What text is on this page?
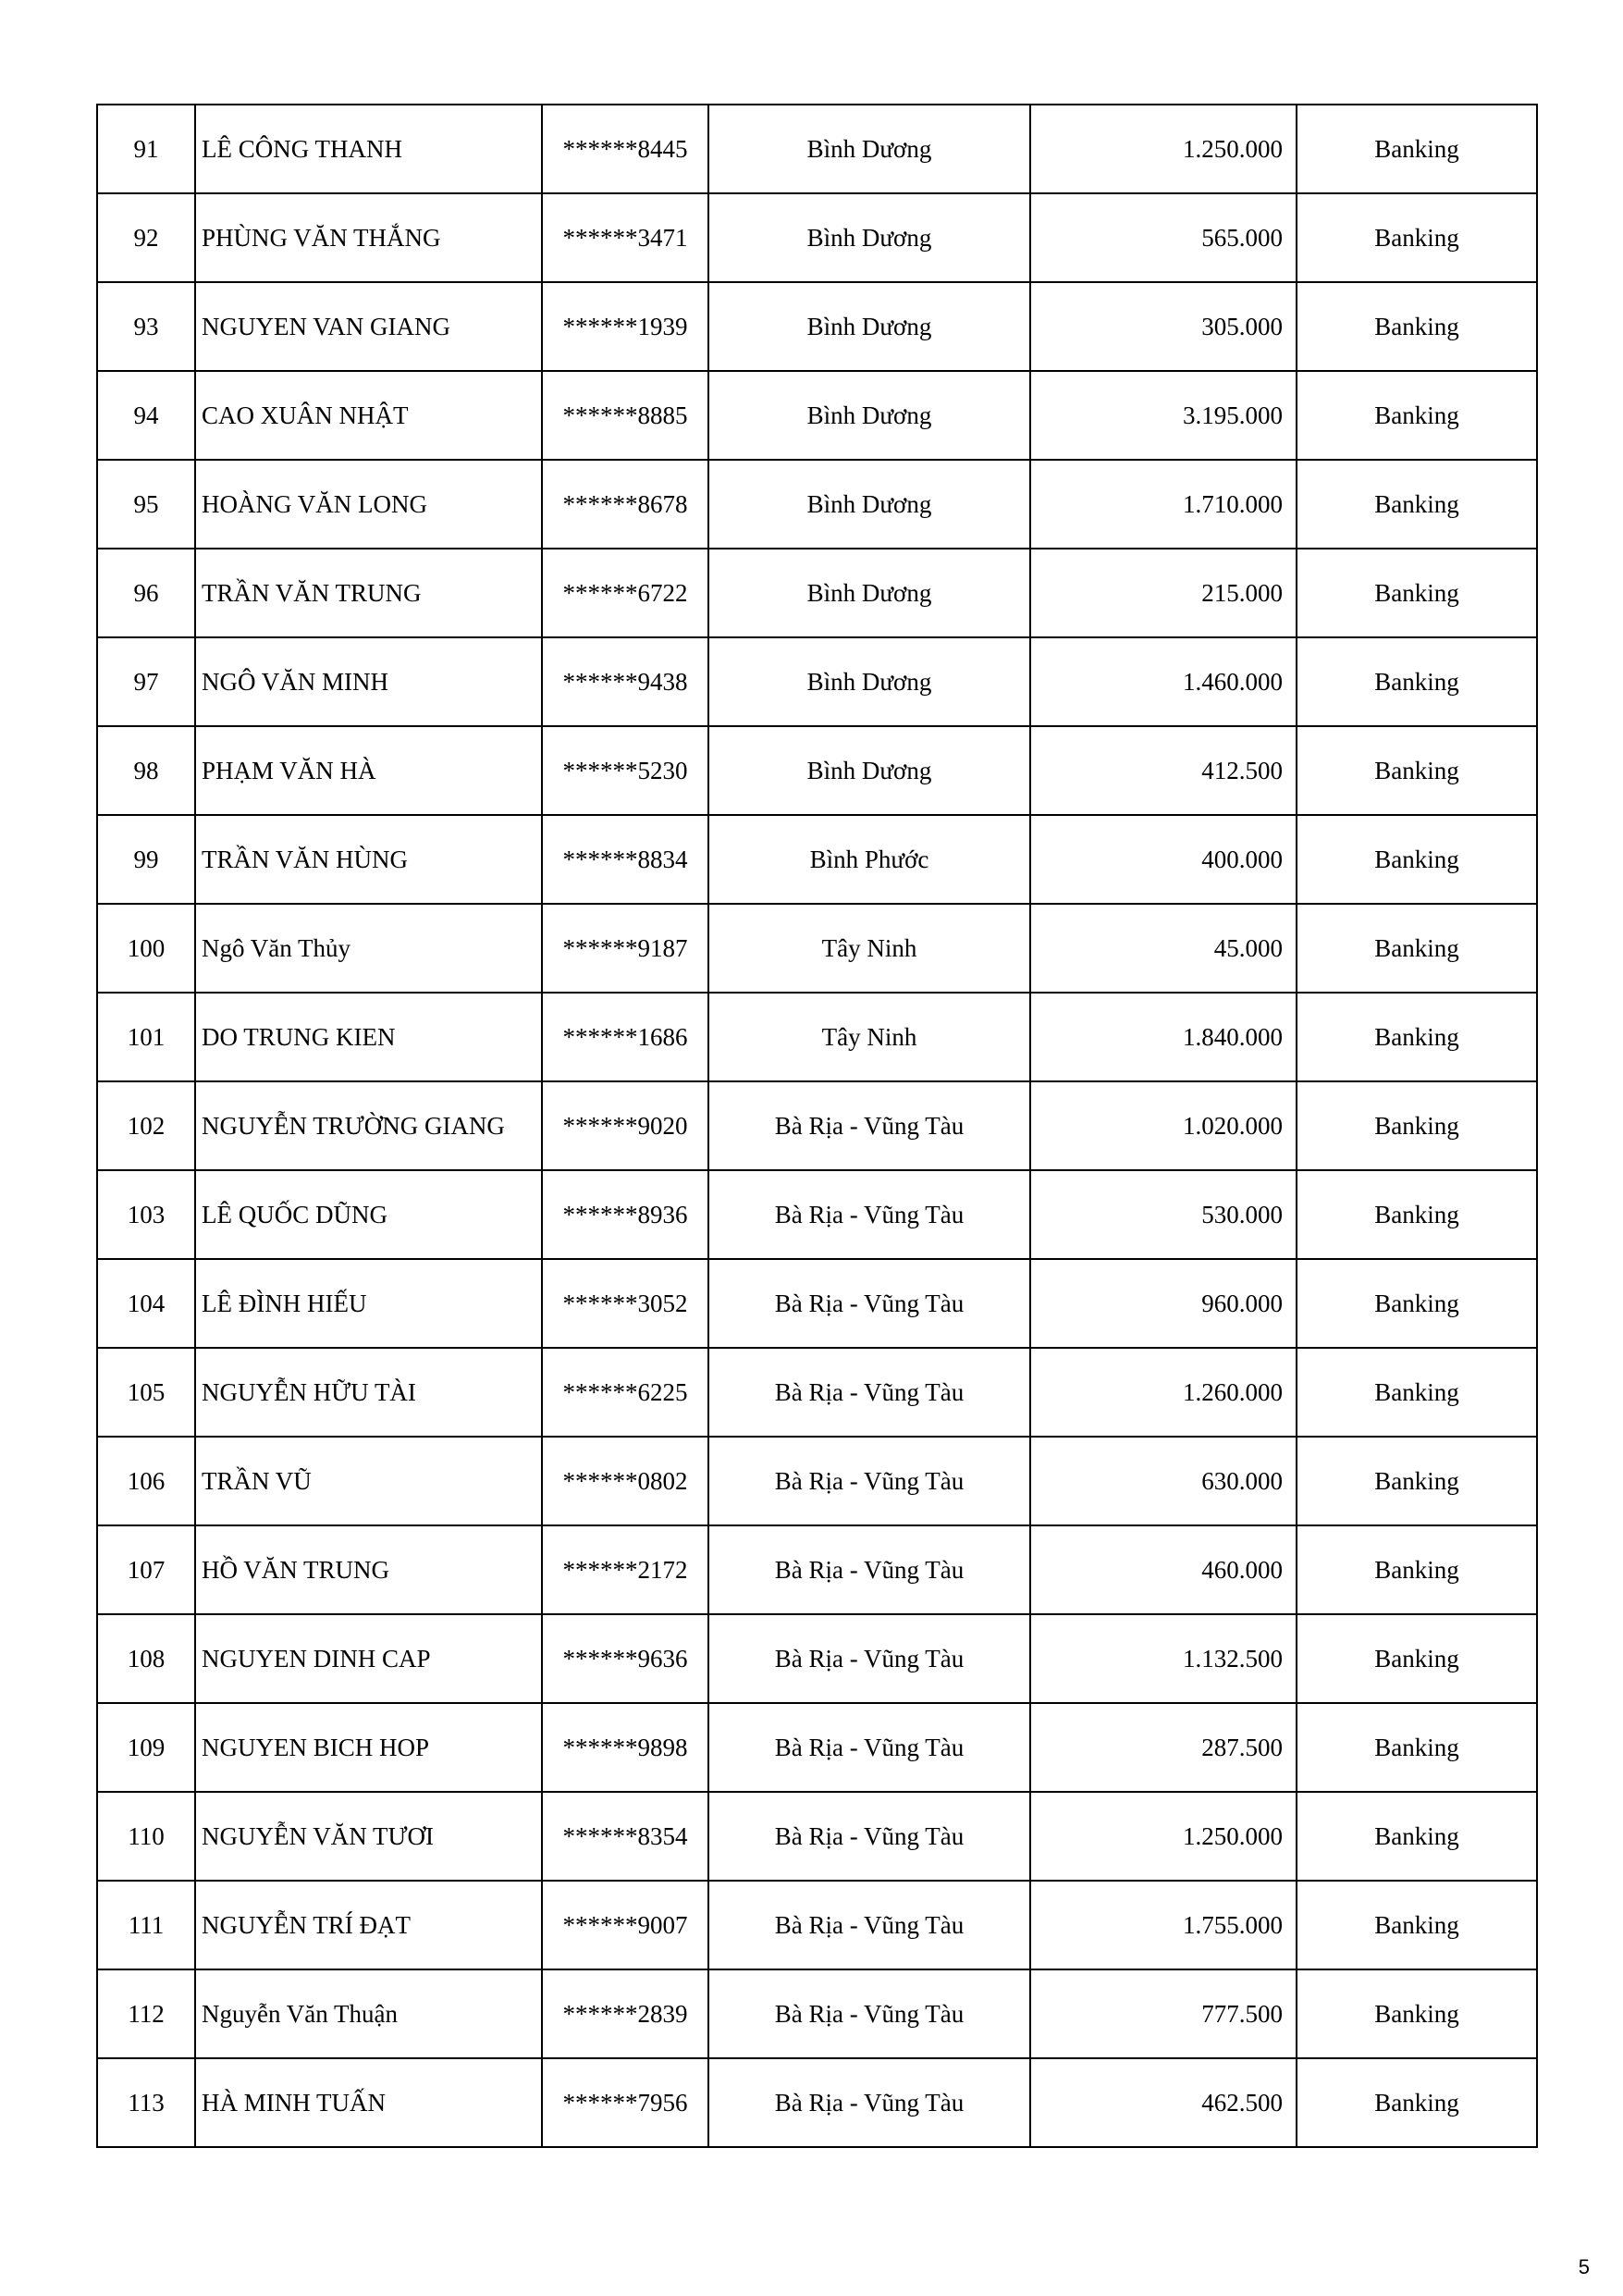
91	LÊ CÔNG THANH	******8445	Bình Dương	1.250.000	Banking
92	PHÙNG VĂN THẮNG	******3471	Bình Dương	565.000	Banking
93	NGUYEN VAN GIANG	******1939	Bình Dương	305.000	Banking
94	CAO XUÂN NHẬT	******8885	Bình Dương	3.195.000	Banking
95	HOÀNG VĂN LONG	******8678	Bình Dương	1.710.000	Banking
96	TRẦN VĂN TRUNG	******6722	Bình Dương	215.000	Banking
97	NGÔ VĂN MINH	******9438	Bình Dương	1.460.000	Banking
98	PHẠM VĂN HÀ	******5230	Bình Dương	412.500	Banking
99	TRẦN VĂN HÙNG	******8834	Bình Phước	400.000	Banking
100	Ngô Văn Thủy	******9187	Tây Ninh	45.000	Banking
101	DO TRUNG KIEN	******1686	Tây Ninh	1.840.000	Banking
102	NGUYỄN TRƯỜNG GIANG	******9020	Bà Rịa - Vũng Tàu	1.020.000	Banking
103	LÊ QUỐC DŨNG	******8936	Bà Rịa - Vũng Tàu	530.000	Banking
104	LÊ ĐÌNH HIẾU	******3052	Bà Rịa - Vũng Tàu	960.000	Banking
105	NGUYỄN HỮU TÀI	******6225	Bà Rịa - Vũng Tàu	1.260.000	Banking
106	TRẦN VŨ	******0802	Bà Rịa - Vũng Tàu	630.000	Banking
107	HỒ VĂN TRUNG	******2172	Bà Rịa - Vũng Tàu	460.000	Banking
108	NGUYEN DINH CAP	******9636	Bà Rịa - Vũng Tàu	1.132.500	Banking
109	NGUYEN BICH HOP	******9898	Bà Rịa - Vũng Tàu	287.500	Banking
110	NGUYỄN VĂN TƯƠI	******8354	Bà Rịa - Vũng Tàu	1.250.000	Banking
111	NGUYỄN TRÍ ĐẠT	******9007	Bà Rịa - Vũng Tàu	1.755.000	Banking
112	Nguyễn Văn Thuận	******2839	Bà Rịa - Vũng Tàu	777.500	Banking
113	HÀ MINH TUẤN	******7956	Bà Rịa - Vũng Tàu	462.500	Banking
5
